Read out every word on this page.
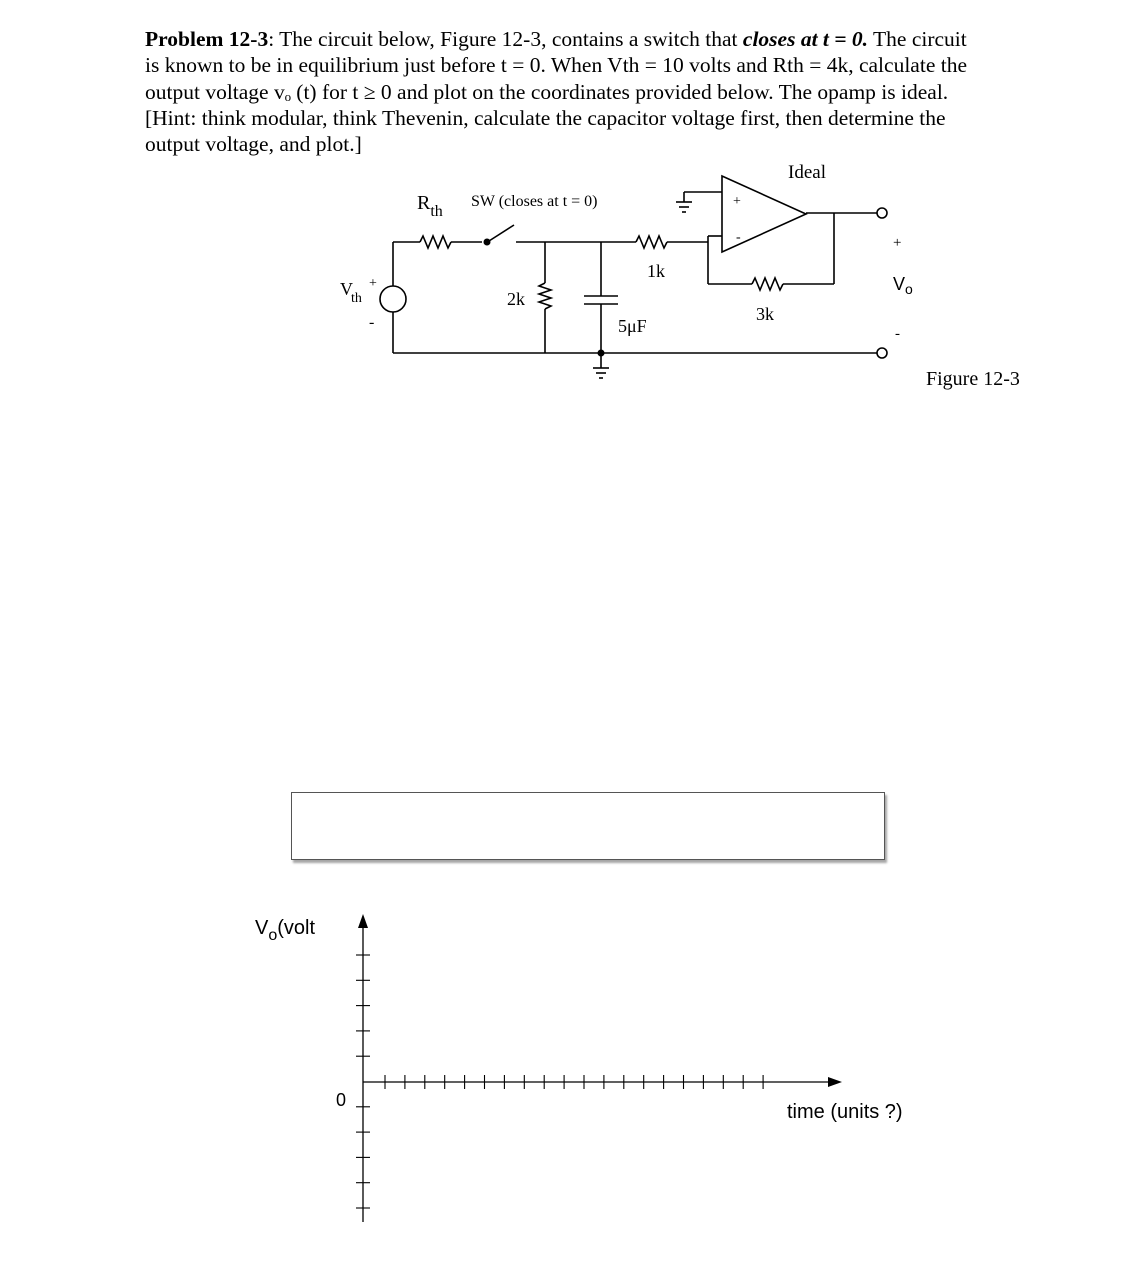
Problem 12-3: The circuit below, Figure 12-3, contains a switch that closes at t = 0. The circuit
is known to be in equilibrium just before t = 0. When Vth = 10 volts and Rth = 4k, calculate the
output voltage vₒ (t) for t ≥ 0 and plot on the coordinates provided below. The opamp is ideal.
[Hint: think modular, think Thevenin, calculate the capacitor voltage first, then determine the
output voltage, and plot.]
$R_{th}$
SW (closes at t = 0)
Vth
+
-
2k
5μF
1k
3k
Ideal
+
-	+
$V_o$
-
Figure 12-3
$V_o(volt$
0
time (units ?)
